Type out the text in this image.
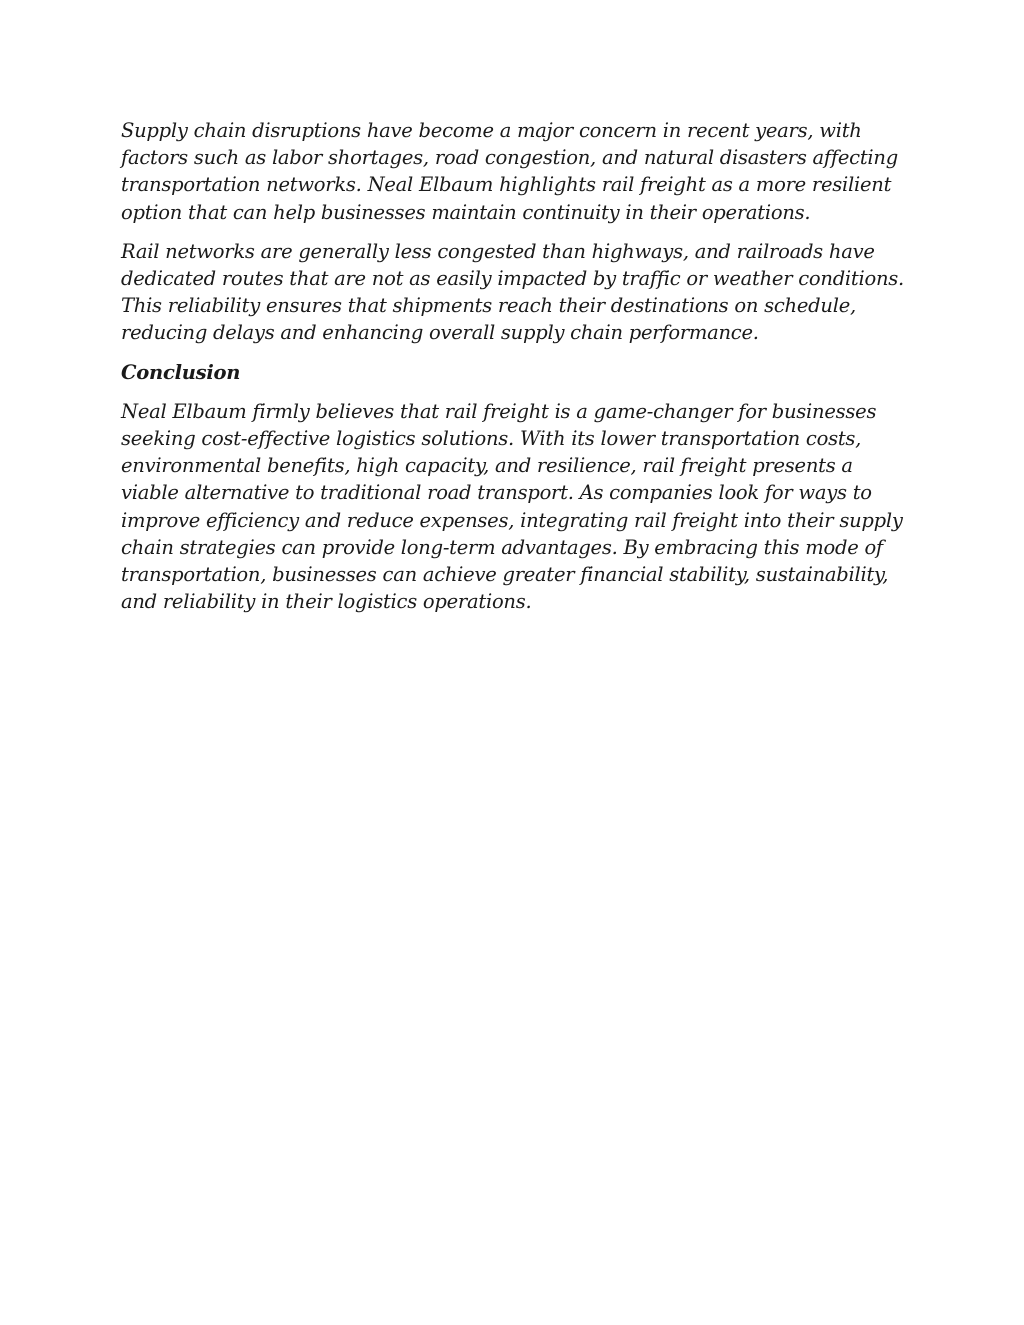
Supply chain disruptions have become a major concern in recent years, with factors such as labor shortages, road congestion, and natural disasters affecting transportation networks. Neal Elbaum highlights rail freight as a more resilient option that can help businesses maintain continuity in their operations.

Rail networks are generally less congested than highways, and railroads have dedicated routes that are not as easily impacted by traffic or weather conditions. This reliability ensures that shipments reach their destinations on schedule, reducing delays and enhancing overall supply chain performance.

Conclusion

Neal Elbaum firmly believes that rail freight is a game-changer for businesses seeking cost-effective logistics solutions. With its lower transportation costs, environmental benefits, high capacity, and resilience, rail freight presents a viable alternative to traditional road transport. As companies look for ways to improve efficiency and reduce expenses, integrating rail freight into their supply chain strategies can provide long-term advantages. By embracing this mode of transportation, businesses can achieve greater financial stability, sustainability, and reliability in their logistics operations.
